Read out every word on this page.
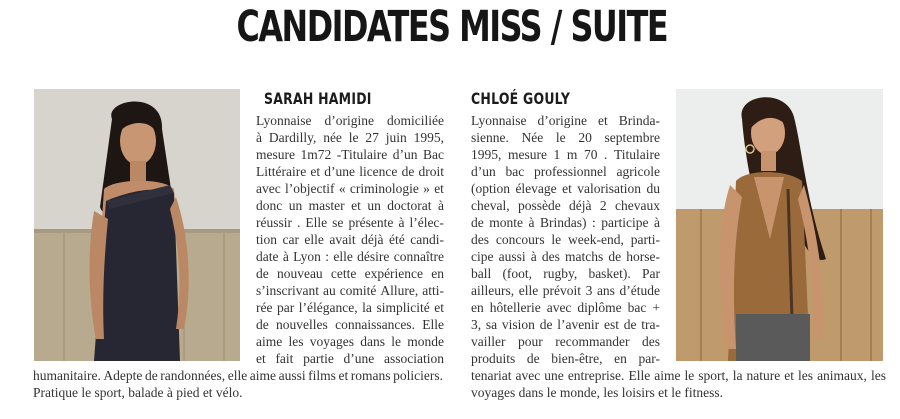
CANDIDATES MISS / SUITE
SARAH HAMIDI	CHLOÉ GOULY
Lyonnaise d’origine domiciliée
à Dardilly, née le 27 juin 1995,
mesure 1m72 -Titulaire d’un Bac
Littéraire et d’une licence de droit
avec l’objectif « criminologie » et
donc un master et un doctorat à
réussir . Elle se présente à l’élec-
tion car elle avait déjà été candi-
date à Lyon : elle désire connaître
de nouveau cette expérience en
s’inscrivant au comité Allure, atti-
rée par l’élégance, la simplicité et
de nouvelles connaissances. Elle
aime les voyages dans le monde
et fait partie d’une association
humanitaire. Adepte de randonnées, elle aime aussi films et romans policiers.
Pratique le sport, balade à pied et vélo.
Lyonnaise d’origine et Brinda-
sienne. Née le 20 septembre
1995, mesure 1 m 70 . Titulaire
d’un bac professionnel agricole
(option élevage et valorisation du
cheval, possède déjà 2 chevaux
de monte à Brindas) : participe à
des concours le week-end, parti-
cipe aussi à des matchs de horse-
ball (foot, rugby, basket). Par
ailleurs, elle prévoit 3 ans d’étude
en hôtellerie avec diplôme bac +
3, sa vision de l’avenir est de tra-
vailler pour recommander des
produits de bien-être, en par-
tenariat avec une entreprise. Elle aime le sport, la nature et les animaux, les
voyages dans le monde, les loisirs et le fitness.
